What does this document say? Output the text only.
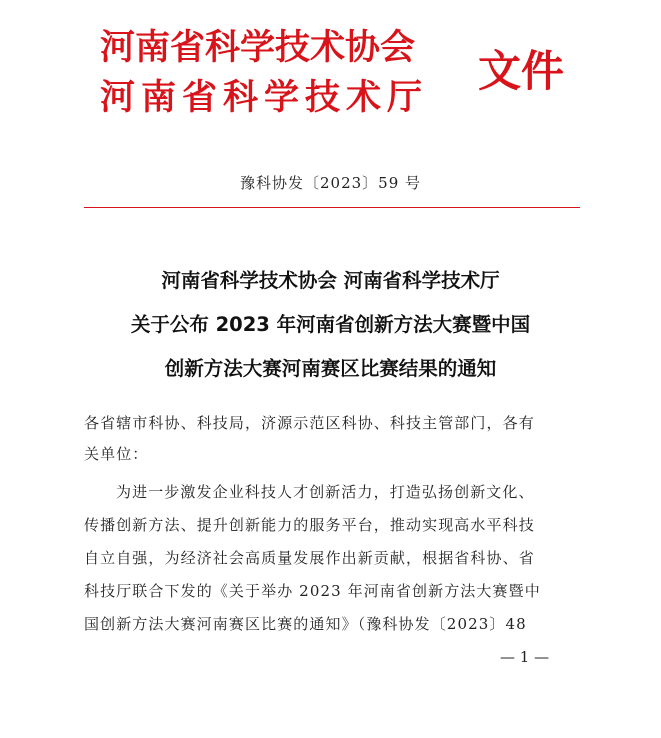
河南省科学技术协会
河南省科学技术厅
文件
豫科协发〔2023〕59 号
河南省科学技术协会 河南省科学技术厅
关于公布 2023 年河南省创新方法大赛暨中国
创新方法大赛河南赛区比赛结果的通知
各省辖市科协、科技局，济源示范区科协、科技主管部门，各有
关单位：
为进一步激发企业科技人才创新活力，打造弘扬创新文化、
传播创新方法、提升创新能力的服务平台，推动实现高水平科技
自立自强，为经济社会高质量发展作出新贡献，根据省科协、省
科技厅联合下发的《关于举办 2023 年河南省创新方法大赛暨中
国创新方法大赛河南赛区比赛的通知》（豫科协发〔2023〕48
— 1 —
